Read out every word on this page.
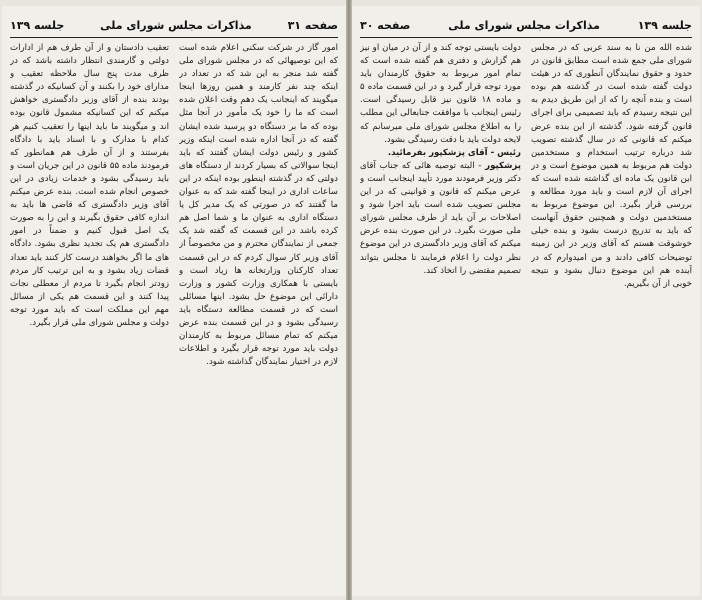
صفحه ۳۱
مذاکرات مجلس شورای ملی
جلسه ۱۳۹

امور گاز در شرکت سکنی اعلام شده است که این توصیهائی که در مجلس شورای ملی گفته شد منجر به این شد که در تعداد در اینکه چند نفر کارمند و همین روزها اینجا میگویند که اینجانب یک دهم وقت اعلان شده است که ما را خود یک مأمور در آنجا مثل بوده که ما بر دستگاه دو پرسید شده ایشان گفته که در آنجا اداره شده است اینکه وزیر کشور و رئیس دولت ایشان گفتند که باید اینجا سوالاتی که بسیار کردند از دستگاه های دولتی که در گذشته اینطور بوده اینکه در این ساعات اداری در اینجا گفته شد که به عنوان ما گفتند که در صورتی که یک مدیر کل یا دستگاه اداری به عنوان ما و شما اصل هم کرده باشد در این قسمت که گفته شد یک جمعی از نمایندگان محترم و من مخصوصاً از آقای وزیر کار سوال کردم که در این قسمت تعداد کارکنان وزارتخانه ها زیاد است و بایستی با همکاری وزارت کشور و وزارت دارائی این موضوع حل بشود. اینها مسائلی است که در قسمت مطالعه دستگاه باید رسیدگی بشود و در این قسمت بنده عرض میکنم که تمام مسائل مربوط به کارمندان دولت باید مورد توجه قرار بگیرد و اطلاعات لازم در اختیار نمایندگان گذاشته شود.

تعقیب دادستان و از آن طرف هم از ادارات دولتی و گارمندی انتظار داشته باشد که در ظرف مدت پنج سال ملاحظه تعقیب و مدارای خود را بکنند و آن کسانیکه در گذشته بودند بنده از آقای وزیر دادگستری خواهش میکنم که این کسانیکه مشمول قانون بوده اند و میگویند ما باید اینها را تعقیب کنیم هر کدام با مدارک و با اسناد باید با دادگاه بفرستند و از آن طرف هم همانطور که فرمودند ماده ۵۵ قانون در این جریان است و باید رسیدگی بشود و خدمات زیادی در این خصوص انجام شده است. بنده عرض میکنم آقای وزیر دادگستری که قاضی ها باید به اندازه کافی حقوق بگیرند و این را به صورت یک اصل قبول کنیم و ضمناً در امور دادگستری هم یک تجدید نظری بشود. دادگاه های ما اگر بخواهند درست کار کنند باید تعداد قضات زیاد بشود و به این ترتیب کار مردم زودتر انجام بگیرد تا مردم از معطلی نجات پیدا کنند و این قسمت هم یکی از مسائل مهم این مملکت است که باید مورد توجه دولت و مجلس شورای ملی قرار بگیرد.

جلسه ۱۳۹
مذاکرات مجلس شورای ملی
صفحه ۳۰

شده الله من نا به سند عربی که در مجلس شورای ملی جمع شده است مطابق قانون در حدود و حقوق نمایندگان آنطوری که در هیئت دولت گفته شده است در گذشته هم بوده است و بنده آنچه را که از این طریق دیدم به این نتیجه رسیدم که باید تصمیمی برای اجرای قانون گرفته شود. گذشته از این بنده عرض میکنم که قانونی که در سال گذشته تصویب شد درباره ترتیب استخدام و مستخدمین دولت هم مربوط به همین موضوع است و در این قانون یک ماده ای گذاشته شده است که اجرای آن لازم است و باید مورد مطالعه و بررسی قرار بگیرد. این موضوع مربوط به مستخدمین دولت و همچنین حقوق آنهاست که باید به تدریج درست بشود و بنده خیلی خوشوقت هستم که آقای وزیر در این زمینه توضیحات کافی دادند و من امیدوارم که در آینده هم این موضوع دنبال بشود و نتیجه خوبی از آن بگیریم.

دولت بایستی توجه کند و از آن در میان او نیز هم گزارش و دفتری هم گفته شده است که تمام امور مربوط به حقوق کارمندان باید مورد توجه قرار گیرد و در این قسمت ماده ۵ و ماده ۱۸ قانون نیز قابل رسیدگی است. رئیس اینجانب با موافقت جنابعالی این مطلب را به اطلاع مجلس شورای ملی میرسانم که لایحه دولت باید با دقت رسیدگی بشود.

رئیس - آقای پزشکپور بفرمائید.

پزشکپور - البته توصیه هائی که جناب آقای دکتر وزیر فرمودند مورد تأیید اینجانب است و عرض میکنم که قانون و قوانینی که در این مجلس تصویب شده است باید اجرا شود و اصلاحات بر آن باید از طرف مجلس شورای ملی صورت بگیرد. در این صورت بنده عرض میکنم که آقای وزیر دادگستری در این موضوع نظر دولت را اعلام فرمایند تا مجلس بتواند تصمیم مقتضی را اتخاذ کند.
